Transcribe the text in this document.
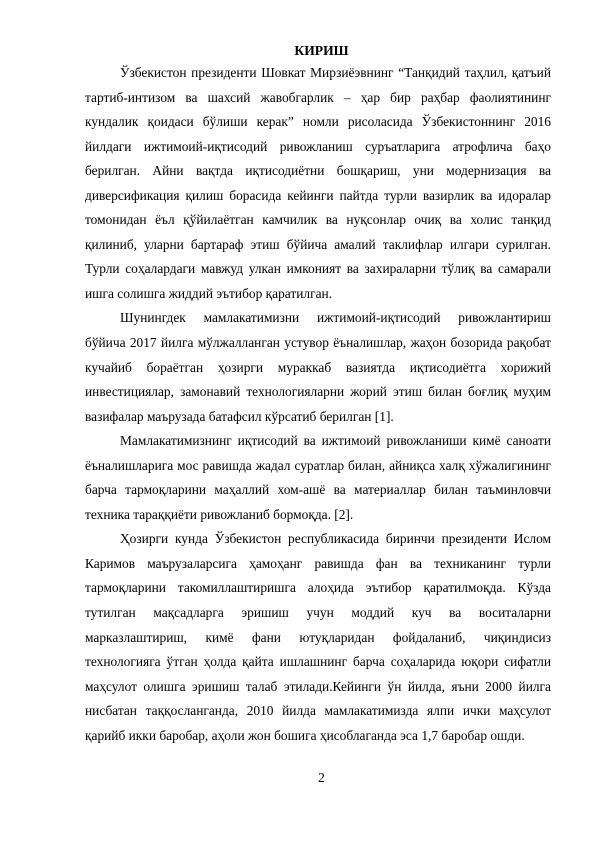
КИРИШ

Ўзбекистон президенти Шовкат Мирзиёэвнинг “Танқидий таҳлил, қатъий тартиб-интизом ва шахсий жавобгарлик – ҳар бир раҳбар фаолиятининг кундалик қоидаси бўлиши керак” номли рисоласида Ўзбекистоннинг 2016 йилдаги ижтимоий-иқтисодий ривожланиш суръатларига атрофлича баҳо берилган. Айни вақтда иқтисодиётни бошқариш, уни модернизация ва диверсификация қилиш борасида кейинги пайтда турли вазирлик ва идоралар томонидан ёъл қўйилаётган камчилик ва нуқсонлар очиқ ва холис танқид қилиниб, уларни бартараф этиш бўйича амалий таклифлар илгари сурилган. Турли соҳалардаги мавжуд улкан имконият ва захираларни тўлиқ ва самарали ишга солишга жиддий эътибор қаратилган.

Шунингдек мамлакатимизни ижтимоий-иқтисодий ривожлантириш бўйича 2017 йилга мўлжалланган устувор ёъналишлар, жаҳон бозорида рақобат кучайиб бораётган ҳозирги мураккаб вазиятда иқтисодиётга хорижий инвестициялар, замонавий технологияларни жорий этиш билан боғлиқ муҳим вазифалар маърузада батафсил кўрсатиб берилган [1].

Мамлакатимизнинг иқтисодий ва ижтимоий ривожланиши кимё саноати ёъналишларига мос равишда жадал суратлар билан, айниқса халқ хўжалигининг барча тармоқларини маҳаллий хом-ашё ва материаллар билан таъминловчи техника тараққиёти ривожланиб бормоқда. [2].

Ҳозирги кунда Ўзбекистон республикасида биринчи президенти Ислом Каримов маърузаларсига ҳамоҳанг равишда фан ва техниканинг турли тармоқларини такомиллаштиришга алоҳида эътибор қаратилмоқда. Кўзда тутилган мақсадларга эришиш учун моддий куч ва воситаларни марказлаштириш, кимё фани ютуқларидан фойдаланиб, чиқиндисиз технологияга ўтган ҳолда қайта ишлашнинг барча соҳаларида юқори сифатли маҳсулот олишга эришиш талаб этилади.Кейинги ўн йилда, яъни 2000 йилга нисбатан таққосланганда, 2010 йилда мамлакатимизда ялпи ички маҳсулот қарийб икки баробар, аҳоли жон бошига ҳисоблаганда эса 1,7 баробар ошди.

2
